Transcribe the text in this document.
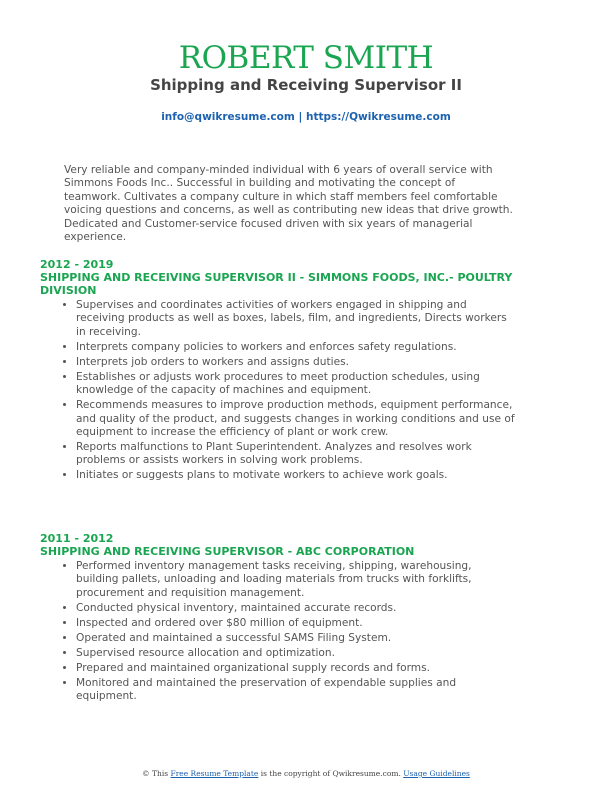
ROBERT SMITH
Shipping and Receiving Supervisor II
info@qwikresume.com | https://Qwikresume.com
Very reliable and company-minded individual with 6 years of overall service with Simmons Foods Inc.. Successful in building and motivating the concept of teamwork. Cultivates a company culture in which staff members feel comfortable voicing questions and concerns, as well as contributing new ideas that drive growth. Dedicated and Customer-service focused driven with six years of managerial experience.
2012 - 2019
SHIPPING AND RECEIVING SUPERVISOR II - SIMMONS FOODS, INC.- POULTRY DIVISION
• Supervises and coordinates activities of workers engaged in shipping and receiving products as well as boxes, labels, film, and ingredients, Directs workers in receiving.
• Interprets company policies to workers and enforces safety regulations.
• Interprets job orders to workers and assigns duties.
• Establishes or adjusts work procedures to meet production schedules, using knowledge of the capacity of machines and equipment.
• Recommends measures to improve production methods, equipment performance, and quality of the product, and suggests changes in working conditions and use of equipment to increase the efficiency of plant or work crew.
• Reports malfunctions to Plant Superintendent. Analyzes and resolves work problems or assists workers in solving work problems.
• Initiates or suggests plans to motivate workers to achieve work goals.
2011 - 2012
SHIPPING AND RECEIVING SUPERVISOR - ABC CORPORATION
• Performed inventory management tasks receiving, shipping, warehousing, building pallets, unloading and loading materials from trucks with forklifts, procurement and requisition management.
• Conducted physical inventory, maintained accurate records.
• Inspected and ordered over $80 million of equipment.
• Operated and maintained a successful SAMS Filing System.
• Supervised resource allocation and optimization.
• Prepared and maintained organizational supply records and forms.
• Monitored and maintained the preservation of expendable supplies and equipment.
© This Free Resume Template is the copyright of Qwikresume.com. Usage Guidelines
